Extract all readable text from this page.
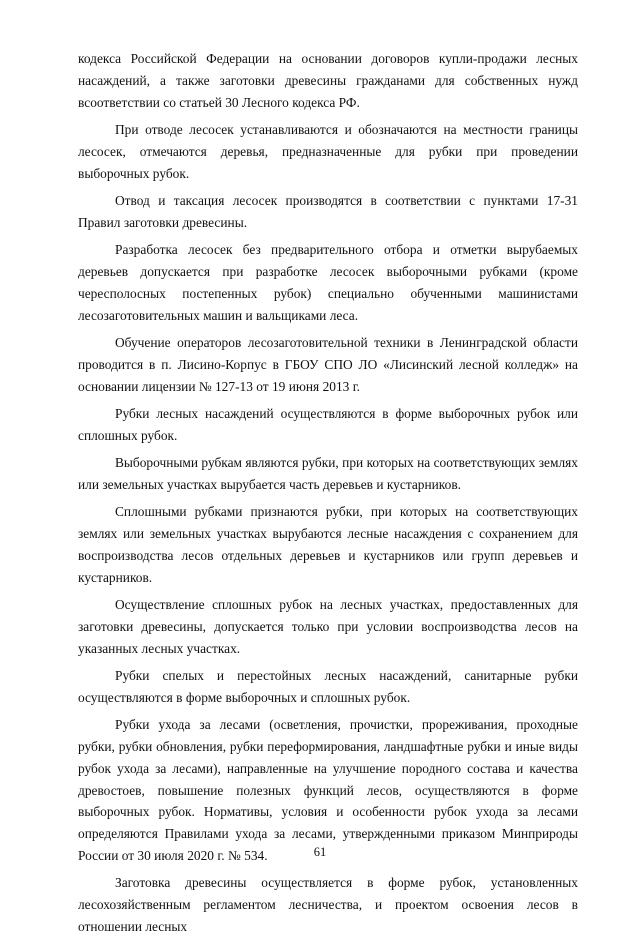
кодекса Российской Федерации на основании договоров купли-продажи лесных насаждений, а также заготовки древесины гражданами для собственных нужд всоответствии со статьей 30 Лесного кодекса РФ.

При отводе лесосек устанавливаются и обозначаются на местности границы лесосек, отмечаются деревья, предназначенные для рубки при проведении выборочных рубок.

Отвод и таксация лесосек производятся в соответствии с пунктами 17-31 Правил заготовки древесины.

Разработка лесосек без предварительного отбора и отметки вырубаемых деревьев допускается при разработке лесосек выборочными рубками (кроме чересполосных постепенных рубок) специально обученными машинистами лесозаготовительных машин и вальщиками леса.

Обучение операторов лесозаготовительной техники в Ленинградской области проводится в п. Лисино-Корпус в ГБОУ СПО ЛО «Лисинский лесной колледж» на основании лицензии № 127-13 от 19 июня 2013 г.

Рубки лесных насаждений осуществляются в форме выборочных рубок или сплошных рубок.

Выборочными рубкам являются рубки, при которых на соответствующих землях или земельных участках вырубается часть деревьев и кустарников.

Сплошными рубками признаются рубки, при которых на соответствующих землях или земельных участках вырубаются лесные насаждения с сохранением для воспроизводства лесов отдельных деревьев и кустарников или групп деревьев и кустарников.

Осуществление сплошных рубок на лесных участках, предоставленных для заготовки древесины, допускается только при условии воспроизводства лесов на указанных лесных участках.

Рубки спелых и перестойных лесных насаждений, санитарные рубки осуществляются в форме выборочных и сплошных рубок.

Рубки ухода за лесами (осветления, прочистки, прореживания, проходные рубки, рубки обновления, рубки переформирования, ландшафтные рубки и иные виды рубок ухода за лесами), направленные на улучшение породного состава и качества древостоев, повышение полезных функций лесов, осуществляются в форме выборочных рубок. Нормативы, условия и особенности рубок ухода за лесами определяются Правилами ухода за лесами, утвержденными приказом Минприроды России от 30 июля 2020 г. № 534.

Заготовка древесины осуществляется в форме рубок, установленных лесохозяйственным регламентом лесничества, и проектом освоения лесов в отношении лесных

61
